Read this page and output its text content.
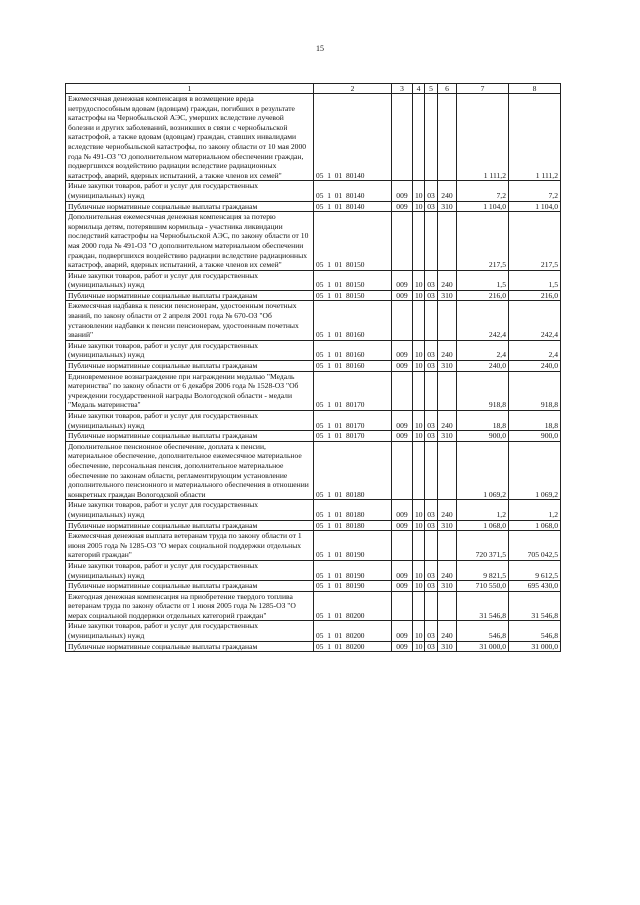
15
1	2	3	4	5	6	7	8
Ежемесячная денежная компенсация в возмещение вреда нетрудоспособным вдовам (вдовцам) граждан, погибших в результате катастрофы на Чернобыльской АЭС, умерших вследствие лучевой болезни и других заболеваний, возникших в связи с чернобыльской катастрофой, а также вдовам (вдовцам) граждан, ставших инвалидами вследствие чернобыльской катастрофы, по закону области от 10 мая 2000 года № 491-ОЗ "О дополнительном материальном обеспечении граждан, подвергшихся воздействию радиации вследствие радиационных катастроф, аварий, ядерных испытаний, а также членов их семей"	05 1 01 80140					1 111,2	1 111,2
Иные закупки товаров, работ и услуг для государственных (муниципальных) нужд	05 1 01 80140	009	10	03	240	7,2	7,2
Публичные нормативные социальные выплаты гражданам	05 1 01 80140	009	10	03	310	1 104,0	1 104,0
Дополнительная ежемесячная денежная компенсация за потерю кормильца детям, потерявшим кормильца - участника ликвидации последствий катастрофы на Чернобыльской АЭС, по закону области от 10 мая 2000 года № 491-ОЗ "О дополнительном материальном обеспечении граждан, подвергшихся воздействию радиации вследствие радиационных катастроф, аварий, ядерных испытаний, а также членов их семей"	05 1 01 80150					217,5	217,5
Иные закупки товаров, работ и услуг для государственных (муниципальных) нужд	05 1 01 80150	009	10	03	240	1,5	1,5
Публичные нормативные социальные выплаты гражданам	05 1 01 80150	009	10	03	310	216,0	216,0
Ежемесячная надбавка к пенсии пенсионерам, удостоенным почетных званий, по закону области от 2 апреля 2001 года № 670-ОЗ "Об установлении надбавки к пенсии пенсионерам, удостоенным почетных званий"	05 1 01 80160					242,4	242,4
Иные закупки товаров, работ и услуг для государственных (муниципальных) нужд	05 1 01 80160	009	10	03	240	2,4	2,4
Публичные нормативные социальные выплаты гражданам	05 1 01 80160	009	10	03	310	240,0	240,0
Единовременное вознаграждение при награждении медалью "Медаль материнства" по закону области от 6 декабря 2006 года № 1528-ОЗ "Об учреждении государственной награды Вологодской области - медали "Медаль материнства"	05 1 01 80170					918,8	918,8
Иные закупки товаров, работ и услуг для государственных (муниципальных) нужд	05 1 01 80170	009	10	03	240	18,8	18,8
Публичные нормативные социальные выплаты гражданам	05 1 01 80170	009	10	03	310	900,0	900,0
Дополнительное пенсионное обеспечение, доплата к пенсии, материальное обеспечение, дополнительное ежемесячное материальное обеспечение, персональная пенсия, дополнительное материальное обеспечение по законам области, регламентирующим установление дополнительного пенсионного и материального обеспечения в отношении конкретных граждан Вологодской области	05 1 01 80180					1 069,2	1 069,2
Иные закупки товаров, работ и услуг для государственных (муниципальных) нужд	05 1 01 80180	009	10	03	240	1,2	1,2
Публичные нормативные социальные выплаты гражданам	05 1 01 80180	009	10	03	310	1 068,0	1 068,0
Ежемесячная денежная выплата ветеранам труда по закону области от 1 июня 2005 года № 1285-ОЗ "О мерах социальной поддержки отдельных категорий граждан"	05 1 01 80190					720 371,5	705 042,5
Иные закупки товаров, работ и услуг для государственных (муниципальных) нужд	05 1 01 80190	009	10	03	240	9 821,5	9 612,5
Публичные нормативные социальные выплаты гражданам	05 1 01 80190	009	10	03	310	710 550,0	695 430,0
Ежегодная денежная компенсация на приобретение твердого топлива ветеранам труда по закону области от 1 июня 2005 года № 1285-ОЗ "О мерах социальной поддержки отдельных категорий граждан"	05 1 01 80200					31 546,8	31 546,8
Иные закупки товаров, работ и услуг для государственных (муниципальных) нужд	05 1 01 80200	009	10	03	240	546,8	546,8
Публичные нормативные социальные выплаты гражданам	05 1 01 80200	009	10	03	310	31 000,0	31 000,0
